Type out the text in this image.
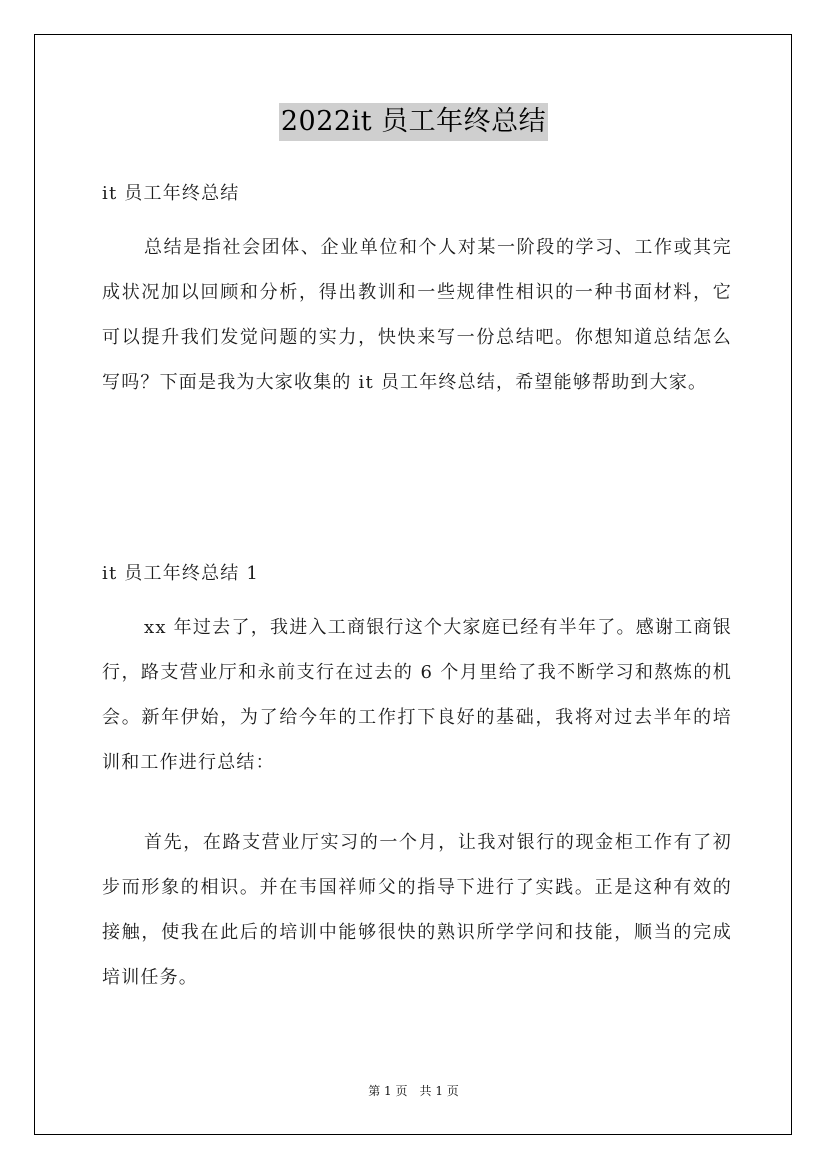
2022it 员工年终总结

it 员工年终总结

总结是指社会团体、企业单位和个人对某一阶段的学习、工作或其完成状况加以回顾和分析，得出教训和一些规律性相识的一种书面材料，它可以提升我们发觉问题的实力，快快来写一份总结吧。你想知道总结怎么写吗？下面是我为大家收集的 it 员工年终总结，希望能够帮助到大家。

it 员工年终总结 1

xx 年过去了，我进入工商银行这个大家庭已经有半年了。感谢工商银行，路支营业厅和永前支行在过去的 6 个月里给了我不断学习和熬炼的机会。新年伊始，为了给今年的工作打下良好的基础，我将对过去半年的培训和工作进行总结：

首先，在路支营业厅实习的一个月，让我对银行的现金柜工作有了初步而形象的相识。并在韦国祥师父的指导下进行了实践。正是这种有效的接触，使我在此后的培训中能够很快的熟识所学学问和技能，顺当的完成培训任务。

第 1 页　共 1 页
